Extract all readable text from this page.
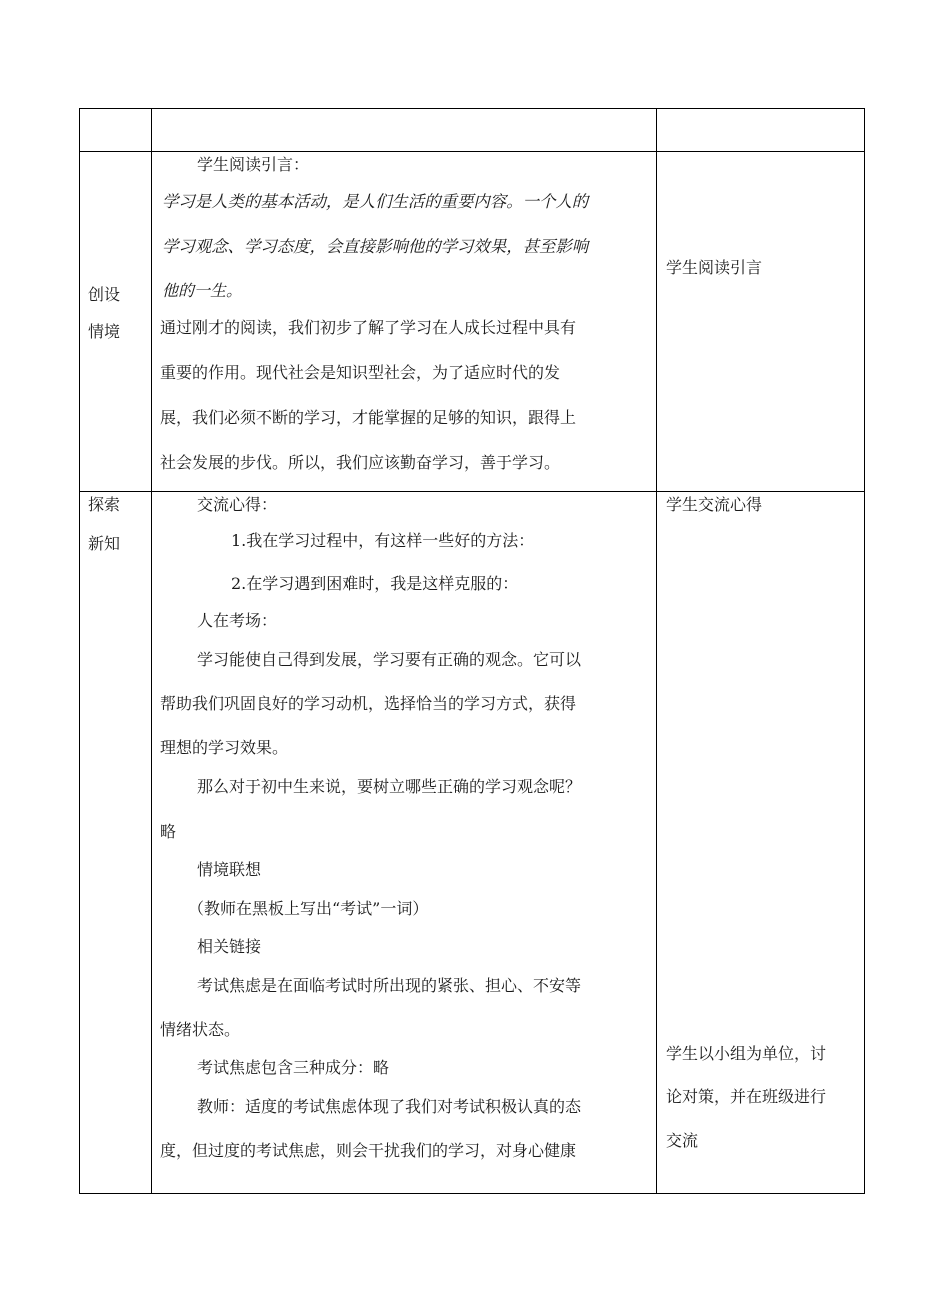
创设
情境
学生阅读引言：
学习是人类的基本活动，是人们生活的重要内容。一个人的
学习观念、学习态度，会直接影响他的学习效果，甚至影响
他的一生。
通过刚才的阅读，我们初步了解了学习在人成长过程中具有
重要的作用。现代社会是知识型社会，为了适应时代的发
展，我们必须不断的学习，才能掌握的足够的知识，跟得上
社会发展的步伐。所以，我们应该勤奋学习，善于学习。
学生阅读引言
探索
新知
交流心得：
1.我在学习过程中，有这样一些好的方法：
2.在学习遇到困难时，我是这样克服的：
人在考场：
学习能使自己得到发展，学习要有正确的观念。它可以
帮助我们巩固良好的学习动机，选择恰当的学习方式，获得
理想的学习效果。
那么对于初中生来说，要树立哪些正确的学习观念呢？
略
情境联想
（教师在黑板上写出“考试”一词）
相关链接
考试焦虑是在面临考试时所出现的紧张、担心、不安等
情绪状态。
考试焦虑包含三种成分：略
教师：适度的考试焦虑体现了我们对考试积极认真的态
度，但过度的考试焦虑，则会干扰我们的学习，对身心健康
学生交流心得
学生以小组为单位，讨
论对策，并在班级进行
交流
